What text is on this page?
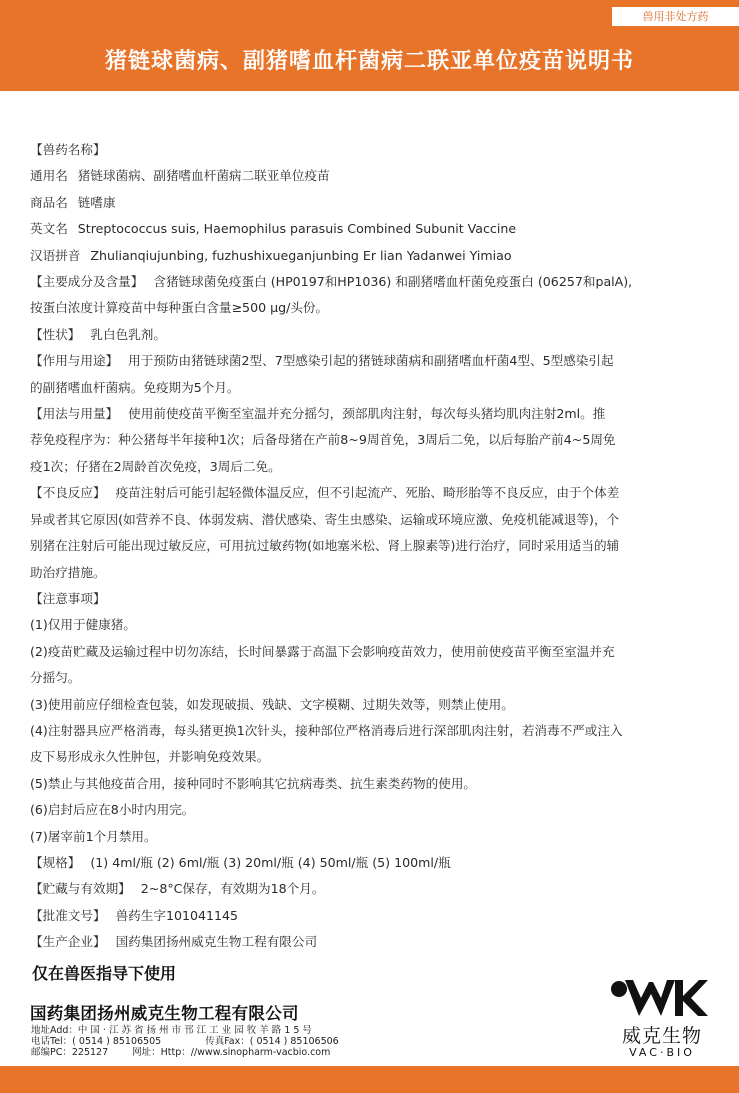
兽用非处方药
猪链球菌病、副猪嗜血杆菌病二联亚单位疫苗说明书

【兽药名称】

通用名 猪链球菌病、副猪嗜血杆菌病二联亚单位疫苗

商品名 链嗜康

英文名 Streptococcus suis, Haemophilus parasuis Combined Subunit Vaccine

汉语拼音 Zhulianqiujunbing, fuzhushixueganjunbing Er lian Yadanwei Yimiao

【主要成分及含量】 含猪链球菌免疫蛋白 (HP0197和HP1036) 和副猪嗜血杆菌免疫蛋白 (06257和palA),

按蛋白浓度计算疫苗中每种蛋白含量≥500 μg/头份。

【性状】 乳白色乳剂。

【作用与用途】 用于预防由猪链球菌2型、7型感染引起的猪链球菌病和副猪嗜血杆菌4型、5型感染引起

的副猪嗜血杆菌病。免疫期为5个月。

【用法与用量】 使用前使疫苗平衡至室温并充分摇匀，颈部肌肉注射，每次每头猪均肌肉注射2ml。推

荐免疫程序为：种公猪每半年接种1次；后备母猪在产前8~9周首免，3周后二免，以后每胎产前4~5周免

疫1次；仔猪在2周龄首次免疫，3周后二免。

【不良反应】 疫苗注射后可能引起轻微体温反应，但不引起流产、死胎、畸形胎等不良反应，由于个体差

异或者其它原因(如营养不良、体弱发病、潜伏感染、寄生虫感染、运输或环境应激、免疫机能减退等)，个

别猪在注射后可能出现过敏反应，可用抗过敏药物(如地塞米松、肾上腺素等)进行治疗，同时采用适当的辅

助治疗措施。

【注意事项】

(1)仅用于健康猪。

(2)疫苗贮藏及运输过程中切勿冻结，长时间暴露于高温下会影响疫苗效力，使用前使疫苗平衡至室温并充

分摇匀。

(3)使用前应仔细检查包装，如发现破损、残缺、文字模糊、过期失效等，则禁止使用。

(4)注射器具应严格消毒，每头猪更换1次针头，接种部位严格消毒后进行深部肌肉注射，若消毒不严或注入

皮下易形成永久性肿包，并影响免疫效果。

(5)禁止与其他疫苗合用，接种同时不影响其它抗病毒类、抗生素类药物的使用。

(6)启封后应在8小时内用完。

(7)屠宰前1个月禁用。

【规格】 (1) 4ml/瓶 (2) 6ml/瓶 (3) 20ml/瓶 (4) 50ml/瓶 (5) 100ml/瓶

【贮藏与有效期】 2~8°C保存，有效期为18个月。

【批准文号】 兽药生字101041145

【生产企业】 国药集团扬州威克生物工程有限公司

仅在兽医指导下使用
国药集团扬州威克生物工程有限公司
地址Add：中 国 · 江 苏 省 扬 州 市 邗 江 工 业 园 牧 羊 路 1 5 号
电话Tel：( 0514 ) 85106505	传真Fax：( 0514 ) 85106506
邮编PC：225127	网址：Http：//www.sinopharm-vacbio.com
威克生物
VAC·BIO
